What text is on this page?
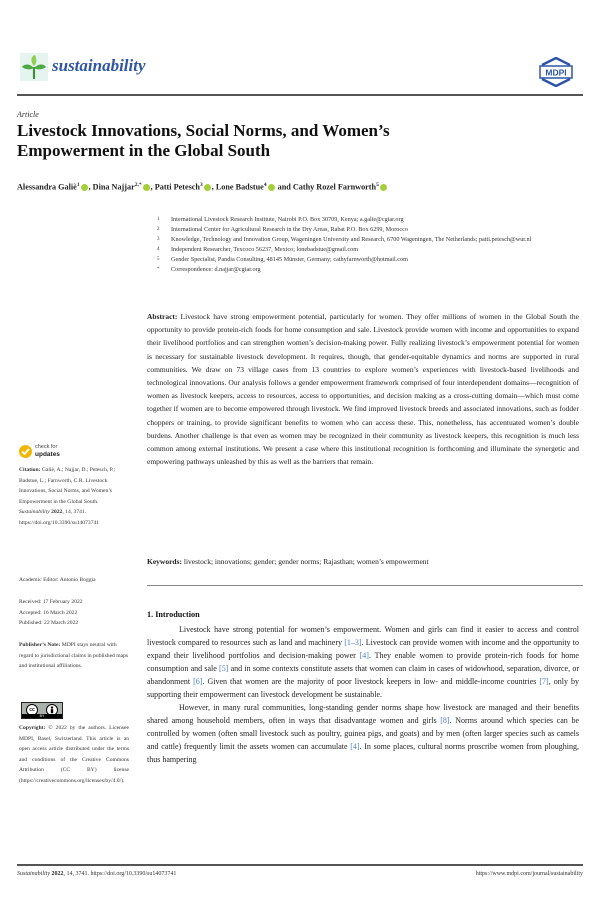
sustainability	MDPI
Article
Livestock Innovations, Social Norms, and Women’s Empowerment in the Global South
Alessandra Galiè$^1$ , Dina Najjar$^{2,*}$ , Patti Petesch$^3$ , Lone Badstue$^4$ and Cathy Rozel Farnworth$^5$
1	International Livestock Research Institute, Nairobi P.O. Box 30709, Kenya; a.galie@cgiar.org
2	International Center for Agricultural Research in the Dry Areas, Rabat P.O. Box 6299, Morocco
3	Knowledge, Technology and Innovation Group, Wageningen University and Research, 6700 Wageningen, The Netherlands; patti.petesch@wur.nl
4	Independent Researcher, Texcoco 56237, Mexico; lonebadstue@gmail.com
5	Gender Specialist, Pandia Consulting, 48145 Münster, Germany; cathyfarnworth@hotmail.com
*	Correspondence: d.najjar@cgiar.org
Abstract: Livestock have strong empowerment potential, particularly for women. They offer millions of women in the Global South the opportunity to provide protein-rich foods for home consumption and sale. Livestock provide women with income and opportunities to expand their livelihood portfolios and can strengthen women’s decision-making power. Fully realizing livestock’s empowerment potential for women is necessary for sustainable livestock development. It requires, though, that gender-equitable dynamics and norms are supported in rural communities. We draw on 73 village cases from 13 countries to explore women’s experiences with livestock-based livelihoods and technological innovations. Our analysis follows a gender empowerment framework comprised of four interdependent domains—recognition of women as livestock keepers, access to resources, access to opportunities, and decision making as a cross-cutting domain—which must come together if women are to become empowered through livestock. We find improved livestock breeds and associated innovations, such as fodder choppers or training, to provide significant benefits to women who can access these. This, nonetheless, has accentuated women’s double burdens. Another challenge is that even as women may be recognized in their community as livestock keepers, this recognition is much less common among external institutions. We present a case where this institutional recognition is forthcoming and illuminate the synergetic and empowering pathways unleashed by this as well as the barriers that remain.
Keywords: livestock; innovations; gender; gender norms; Rajasthan; women’s empowerment
1. Introduction

Livestock have strong potential for women’s empowerment. Women and girls can find it easier to access and control livestock compared to resources such as land and machinery [1–3]. Livestock can provide women with income and the opportunity to expand their livelihood portfolios and decision-making power [4]. They enable women to provide protein-rich foods for home consumption and sale [5] and in some contexts constitute assets that women can claim in cases of widowhood, separation, divorce, or abandonment [6]. Given that women are the majority of poor livestock keepers in low- and middle-income countries [7], only by supporting their empowerment can livestock development be sustainable.

However, in many rural communities, long-standing gender norms shape how livestock are managed and their benefits shared among household members, often in ways that disadvantage women and girls [8]. Norms around which species can be controlled by women (often small livestock such as poultry, guinea pigs, and goats) and by men (often larger species such as camels and cattle) frequently limit the assets women can accumulate [4]. In some places, cultural norms proscribe women from ploughing, thus hampering

check for
updates
Citation: Galiè, A.; Najjar, D.; Petesch, P.; Badstue, L.; Farnworth, C.R. Livestock Innovations, Social Norms, and Women’s Empowerment in the Global South. Sustainability 2022, 14, 3741. https://doi.org/10.3390/su14073741
Academic Editor: Antonio Boggia
Received: 17 February 2022
Accepted: 16 March 2022
Published: 22 March 2022
Publisher’s Note: MDPI stays neutral with regard to jurisdictional claims in published maps and institutional affiliations.
cc
BY
Copyright: © 2022 by the authors. Licensee MDPI, Basel, Switzerland. This article is an open access article distributed under the terms and conditions of the Creative Commons Attribution (CC BY) license (https://creativecommons.org/licenses/by/4.0/).
Sustainability 2022, 14, 3741. https://doi.org/10.3390/su14073741	https://www.mdpi.com/journal/sustainability
